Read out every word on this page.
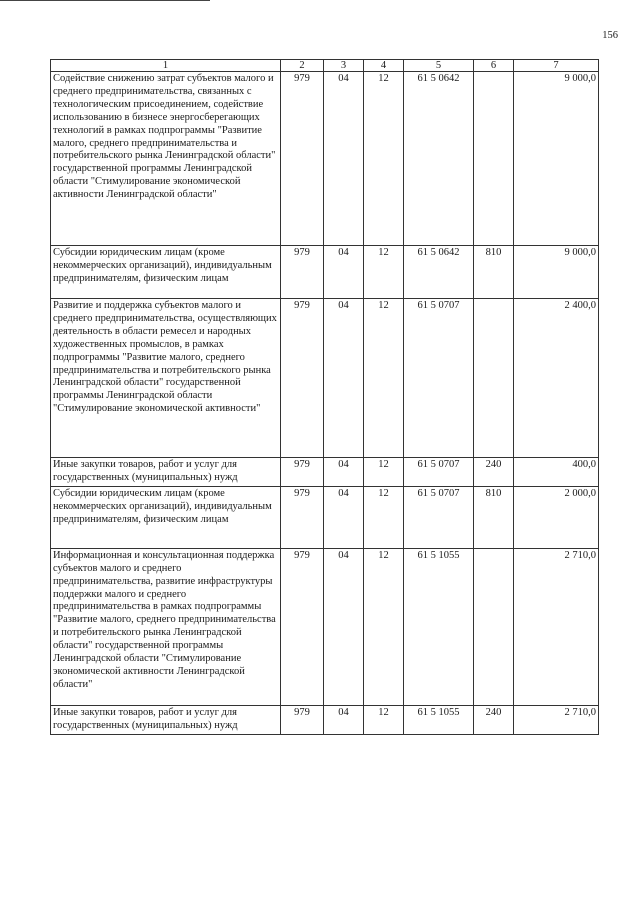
156
1	2	3	4	5	6	7
Содействие снижению затрат субъектов малого и среднего предпринимательства, связанных с технологическим присоединением, содействие использованию в бизнесе энергосберегающих технологий в рамках подпрограммы "Развитие малого, среднего предпринимательства и потребительского рынка Ленинградской области" государственной программы Ленинградской области "Стимулирование экономической активности Ленинградской области"	979	04	12	61 5 0642		9 000,0
Субсидии юридическим лицам (кроме некоммерческих организаций), индивидуальным предпринимателям, физическим лицам	979	04	12	61 5 0642	810	9 000,0
Развитие и поддержка субъектов малого и среднего предпринимательства, осуществляющих деятельность в области ремесел и народных художественных промыслов, в рамках подпрограммы "Развитие малого, среднего предпринимательства и потребительского рынка Ленинградской области" государственной программы Ленинградской области "Стимулирование экономической активности"	979	04	12	61 5 0707		2 400,0
Иные закупки товаров, работ и услуг для государственных (муниципальных) нужд	979	04	12	61 5 0707	240	400,0
Субсидии юридическим лицам (кроме некоммерческих организаций), индивидуальным предпринимателям, физическим лицам	979	04	12	61 5 0707	810	2 000,0
Информационная и консультационная поддержка субъектов малого и среднего предпринимательства, развитие инфраструктуры поддержки малого и среднего предпринимательства в рамках подпрограммы "Развитие малого, среднего предпринимательства и потребительского рынка Ленинградской области" государственной программы Ленинградской области "Стимулирование экономической активности Ленинградской области"	979	04	12	61 5 1055		2 710,0
Иные закупки товаров, работ и услуг для государственных (муниципальных) нужд	979	04	12	61 5 1055	240	2 710,0
